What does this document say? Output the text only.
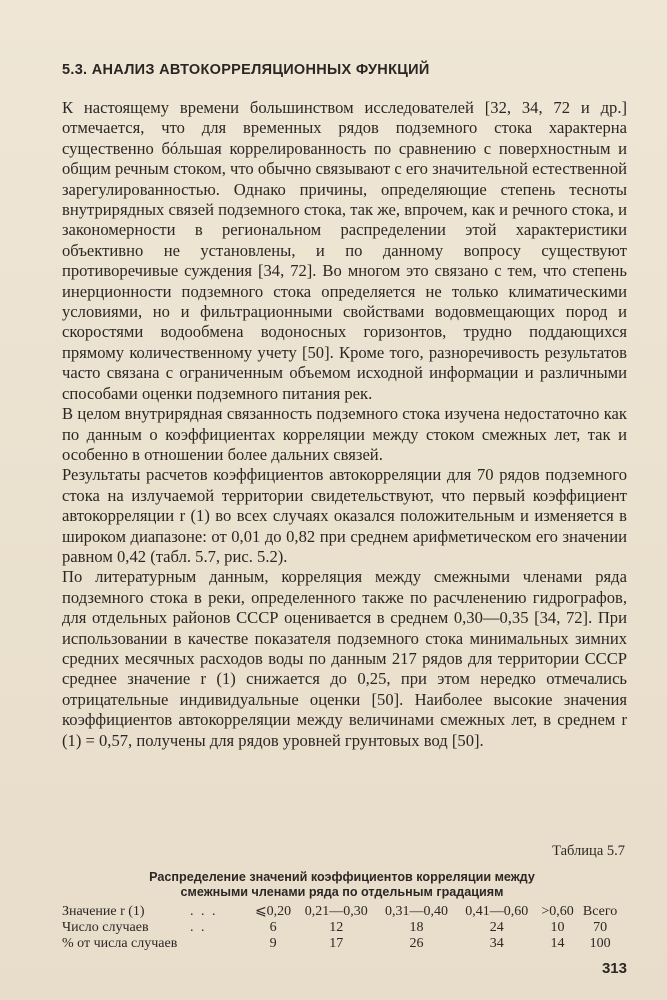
5.3. АНАЛИЗ АВТОКОРРЕЛЯЦИОННЫХ ФУНКЦИЙ

К настоящему времени большинством исследователей [32, 34, 72 и др.] отмечается, что для временных рядов подземного стока характерна существенно бóльшая коррелированность по сравнению с поверхностным и общим речным стоком, что обычно связывают с его значительной естественной зарегулированностью. Однако причины, определяющие степень тесноты внутрирядных связей подземного стока, так же, впрочем, как и речного стока, и закономерности в региональном распределении этой характеристики объективно не установлены, и по данному вопросу существуют противоречивые суждения [34, 72]. Во многом это связано с тем, что степень инерционности подземного стока определяется не только климатическими условиями, но и фильтрационными свойствами водовмещающих пород и скоростями водообмена водоносных горизонтов, трудно поддающихся прямому количественному учету [50]. Кроме того, разноречивость результатов часто связана с ограниченным объемом исходной информации и различными способами оценки подземного питания рек.

В целом внутрирядная связанность подземного стока изучена недостаточно как по данным о коэффициентах корреляции между стоком смежных лет, так и особенно в отношении более дальних связей.

Результаты расчетов коэффициентов автокорреляции для 70 рядов подземного стока на излучаемой территории свидетельствуют, что первый коэффициент автокорреляции r (1) во всех случаях оказался положительным и изменяется в широком диапазоне: от 0,01 до 0,82 при среднем арифметическом его значении равном 0,42 (табл. 5.7, рис. 5.2).

По литературным данным, корреляция между смежными членами ряда подземного стока в реки, определенного также по расчленению гидрографов, для отдельных районов СССР оценивается в среднем 0,30—0,35 [34, 72]. При использовании в качестве показателя подземного стока минимальных зимних средних месячных расходов воды по данным 217 рядов для территории СССР среднее значение r (1) снижается до 0,25, при этом нередко отмечались отрицательные индивидуальные оценки [50]. Наиболее высокие значения коэффициентов автокорреляции между величинами смежных лет, в среднем r (1) = 0,57, получены для рядов уровней грунтовых вод [50].

Таблица 5.7
Распределение значений коэффициентов корреляции между
смежными членами ряда по отдельным градациям
Значение r (1)	. . .	⩽0,20	0,21—0,30	0,31—0,40	0,41—0,60	>0,60	Всего
Число случаев	. .	6	12	18	24	10	70
% от числа случаев		9	17	26	34	14	100
313
